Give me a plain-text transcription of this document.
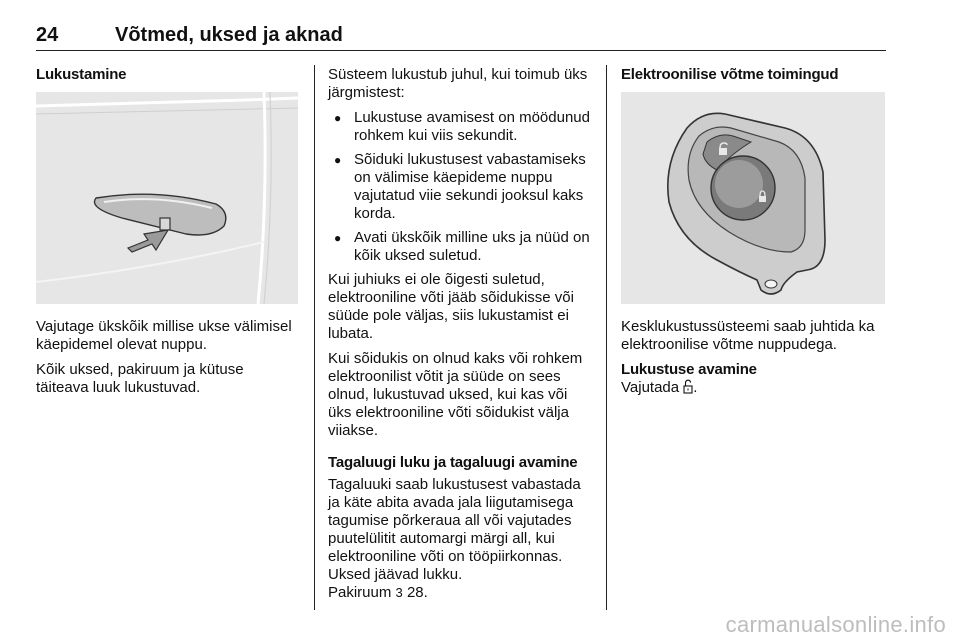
24	Võtmed, uksed ja aknad
Lukustamine

Vajutage ükskõik millise ukse välimisel käepidemel olevat nuppu.

Kõik uksed, pakiruum ja kütuse täiteava luuk lukustuvad.

Süsteem lukustub juhul, kui toimub üks järgmistest:

● Lukustuse avamisest on möödunud rohkem kui viis sekundit.
● Sõiduki lukustusest vabastamiseks on välimise käepideme nuppu vajutatud viie sekundi jooksul kaks korda.
● Avati ükskõik milline uks ja nüüd on kõik uksed suletud.

Kui juhiuks ei ole õigesti suletud, elektrooniline võti jääb sõidukisse või süüde pole väljas, siis lukustamist ei lubata.

Kui sõidukis on olnud kaks või rohkem elektroonilist võtit ja süüde on sees olnud, lukustuvad uksed, kui kas või üks elektrooniline võti sõidukist välja viiakse.

Tagaluugi luku ja tagaluugi avamine

Tagaluuki saab lukustusest vabastada ja käte abita avada jala liigutamisega tagumise põrkeraua all või vajutades puutelülitit automargi märgi all, kui elektrooniline võti on tööpiirkonnas. Uksed jäävad lukku.

Pakiruum 3 28.

Elektroonilise võtme toimingud

Kesklukustussüsteemi saab juhtida ka elektroonilise võtme nuppudega.

Lukustuse avamine

Vajutada .

carmanualsonline.info
